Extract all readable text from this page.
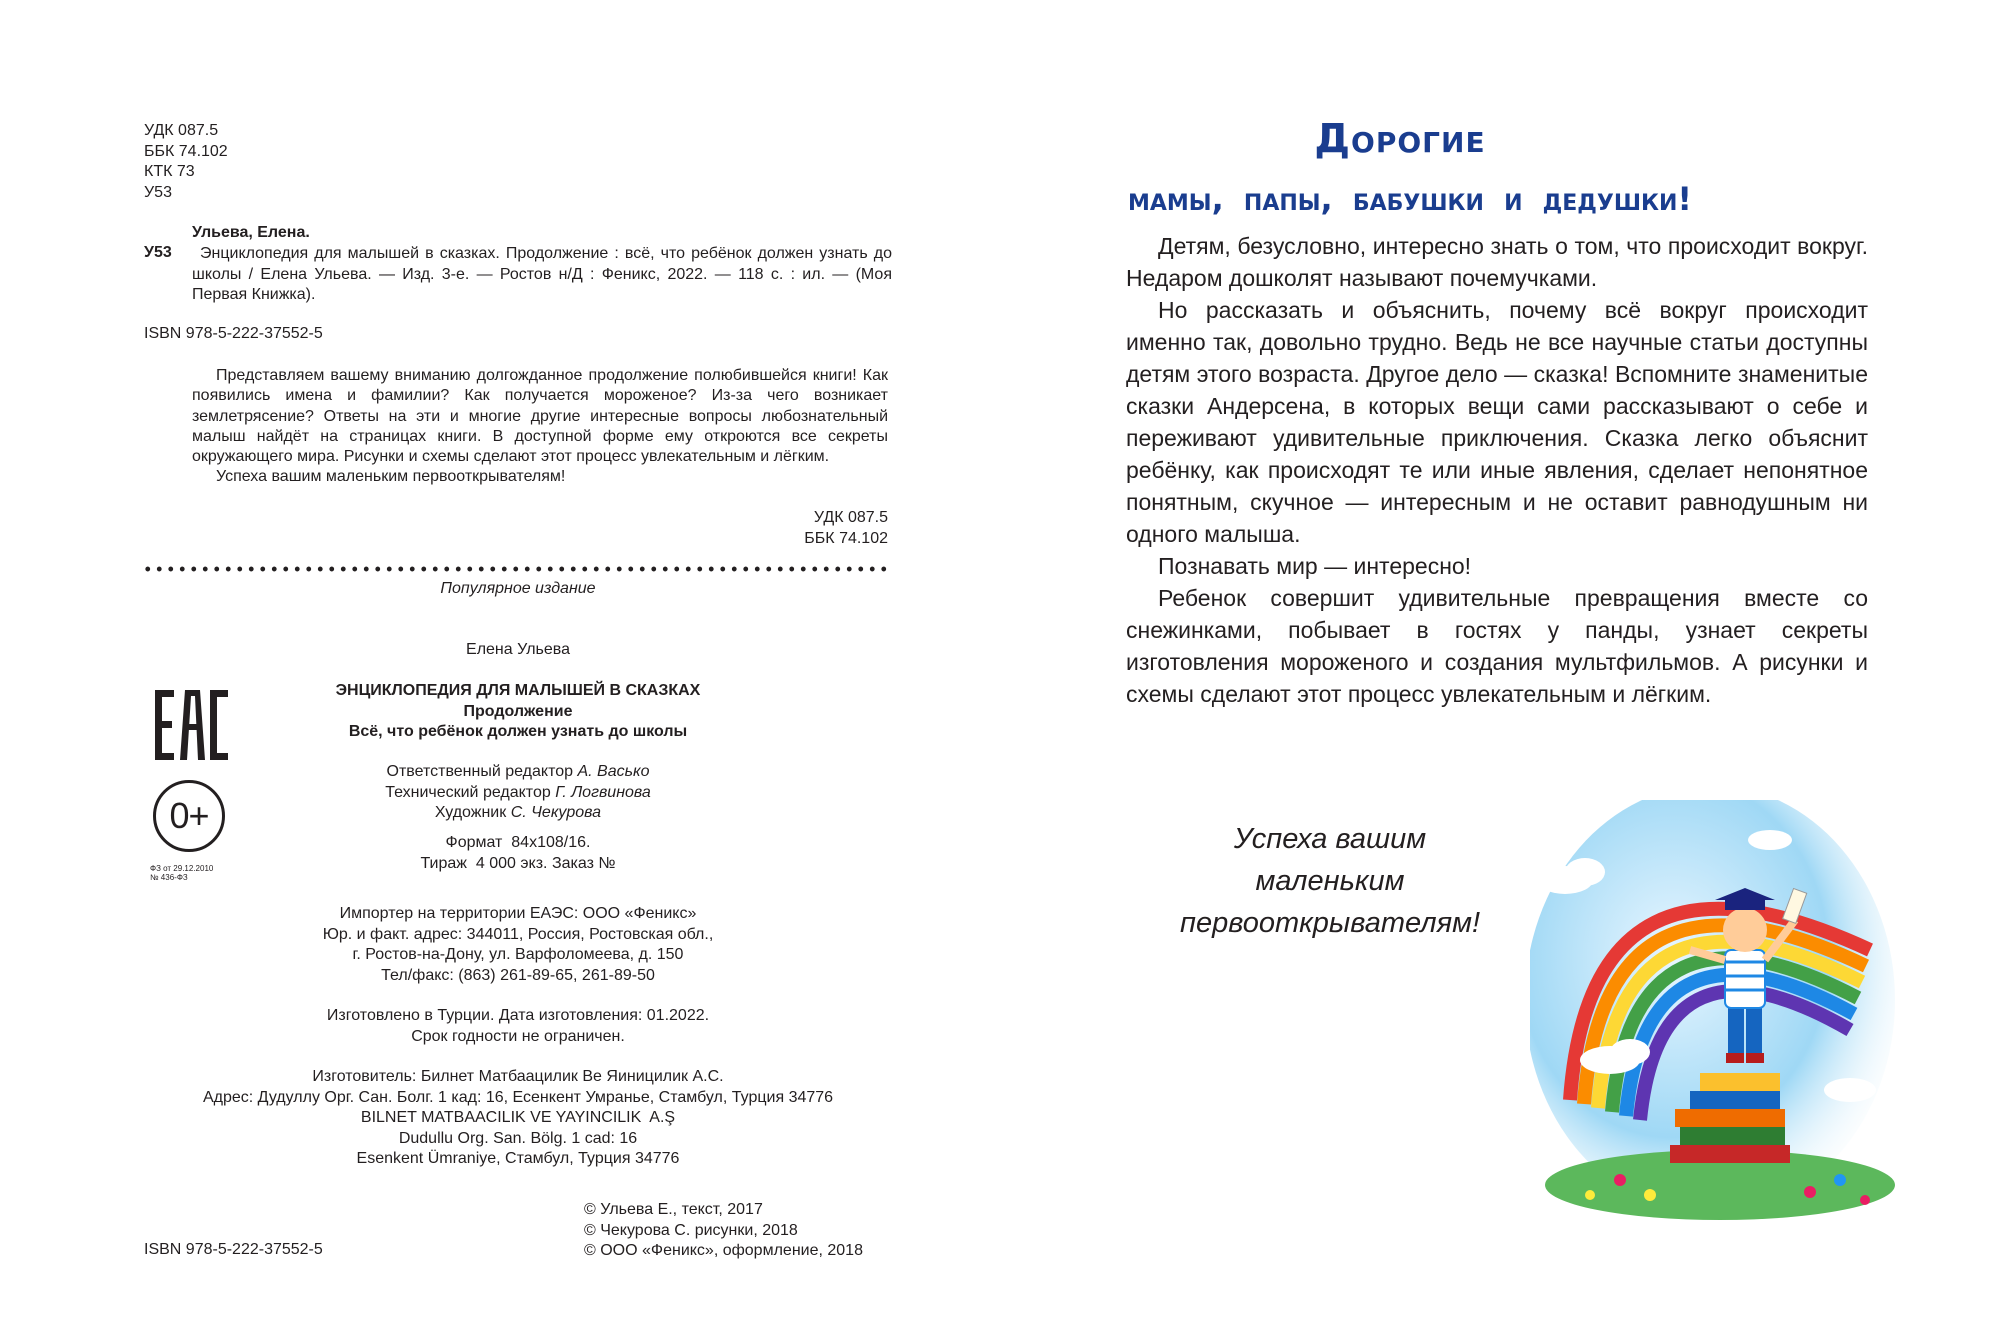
УДК 087.5
ББК 74.102
КТК 73
У53
Ульева, Елена.
У53	Энциклопедия для малышей в сказках. Продолжение : всё, что ребёнок должен узнать до школы / Елена Ульева. — Изд. 3-е. — Ростов н/Д : Феникс, 2022. — 118 с. : ил. — (Моя Первая Книжка).
ISBN 978-5-222-37552-5

Представляем вашему вниманию долгожданное продолжение полюбившейся книги! Как появились имена и фамилии? Как получается мороженое? Из-за чего возникает землетрясение? Ответы на эти и многие другие интересные вопросы любознательный малыш найдёт на страницах книги. В доступной форме ему откроются все секреты окружающего мира. Рисунки и схемы сделают этот процесс увлекательным и лёгким.

Успеха вашим маленьким первооткрывателям!

УДК 087.5
ББК 74.102
Популярное издание
Елена Ульева
ЭНЦИКЛОПЕДИЯ ДЛЯ МАЛЫШЕЙ В СКАЗКАХ
Продолжение
Всё, что ребёнок должен узнать до школы
Ответственный редактор А. Васько
Технический редактор Г. Логвинова
Художник С. Чекурова
Формат  84х108/16.
Тираж  4 000 экз. Заказ №
Импортер на территории ЕАЭС: ООО «Феникс»
Юр. и факт. адрес: 344011, Россия, Ростовская обл.,
г. Ростов-на-Дону, ул. Варфоломеева, д. 150
Тел/факс: (863) 261-89-65, 261-89-50
Изготовлено в Турции. Дата изготовления: 01.2022.
Срок годности не ограничен.
Изготовитель: Билнет Матбаацилик Ве Яиницилик А.С.
Адрес: Дудуллу Орг. Сан. Болг. 1 кад: 16, Есенкент Умранье, Стамбул, Турция 34776
BILNET MATBAACILIK VE YAYINCILIK  A.Ş
Dudullu Org. San. Bölg. 1 cad: 16
Esenkent Ümraniye, Стамбул, Турция 34776
0+
ФЗ от 29.12.2010
№ 436-ФЗ
ISBN 978-5-222-37552-5
© Ульева Е., текст, 2017
© Чекурова С. рисунки, 2018
© ООО «Феникс», оформление, 2018
Дорогие
мамы, папы, бабушки и дедушки!

Детям, безусловно, интересно знать о том, что происходит вокруг. Недаром дошколят называют почемучками.

Но рассказать и объяснить, почему всё вокруг происходит именно так, довольно трудно. Ведь не все научные статьи доступны детям этого возраста. Другое дело — сказка! Вспомните знаменитые сказки Андерсена, в которых вещи сами рассказывают о себе и переживают удивительные приключения. Сказка легко объяснит ребёнку, как происходят те или иные явления, сделает непонятное понятным, скучное — интересным и не оставит равнодушным ни одного малыша.

Познавать мир — интересно!

Ребенок совершит удивительные превращения вместе со снежинками, побывает в гостях у панды, узнает секреты изготовления мороженого и создания мультфильмов. А рисунки и схемы сделают этот процесс увлекательным и лёгким.

Успеха вашим
маленьким
первооткрывателям!
